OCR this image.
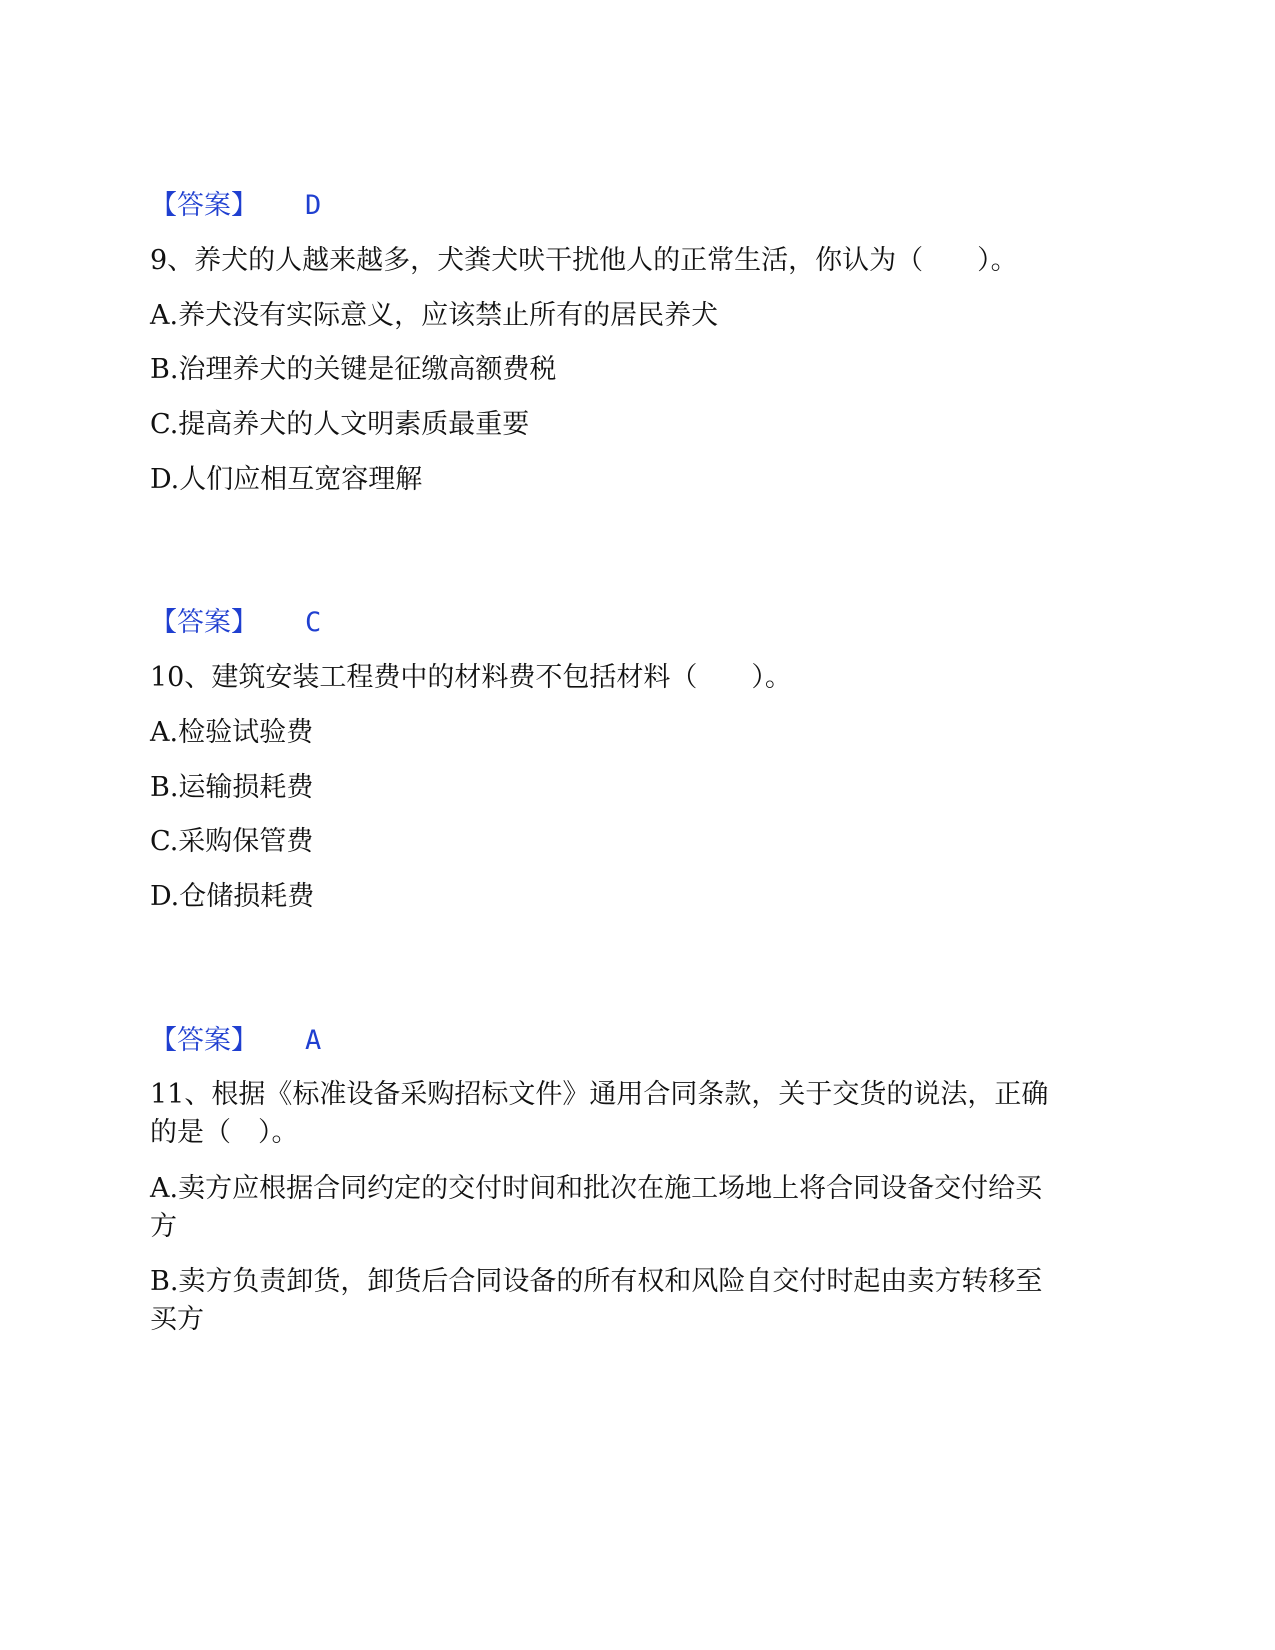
【答案】 D
9、养犬的人越来越多，犬粪犬吠干扰他人的正常生活，你认为（　　）。
A.养犬没有实际意义，应该禁止所有的居民养犬
B.治理养犬的关键是征缴高额费税
C.提高养犬的人文明素质最重要
D.人们应相互宽容理解
【答案】 C
10、建筑安装工程费中的材料费不包括材料（　　）。
A.检验试验费
B.运输损耗费
C.采购保管费
D.仓储损耗费
【答案】 A
11、根据《标准设备采购招标文件》通用合同条款，关于交货的说法，正确
的是（　）。
A.卖方应根据合同约定的交付时间和批次在施工场地上将合同设备交付给买
方
B.卖方负责卸货，卸货后合同设备的所有权和风险自交付时起由卖方转移至
买方
